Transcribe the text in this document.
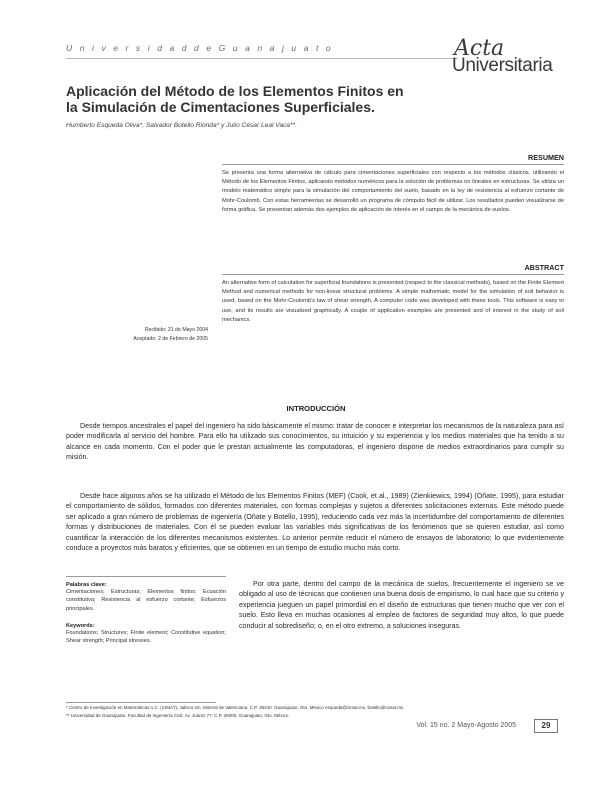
U n i v e r s i d a d d e G u a n a j u a t o	Acta
Universitaria
Aplicación del Método de los Elementos Finitos en
la Simulación de Cimentaciones Superficiales.
Humberto Esqueda Oliva*, Salvador Botello Rionda* y Julio César Leal Vaca**.
RESUMEN

Se presenta una forma alternativa de cálculo para cimentaciones superficiales con respecto a los métodos clásicos, utilizando el Método de los Elementos Finitos, aplicando métodos numéricos para la solución de problemas no lineales en estructuras. Se utiliza un modelo matemático simple para la simulación del comportamiento del suelo, basado en la ley de resistencia al esfuerzo cortante de Mohr-Coulomb. Con estas herramientas se desarrolló un programa de cómputo fácil de utilizar. Los resultados pueden visualizarse de forma gráfica. Se presentan además dos ejemplos de aplicación de interés en el campo de la mecánica de suelos.

ABSTRACT

An alternative form of calculation for superficial foundations is presented (respect to the classical methods), based on the Finite Element Method and numerical methods for non-linear structural problems. A simple mathematic model for the simulation of soil behavior is used, based on the Mohr-Coulomb's law of shear strength. A computer code was developed with these tools. This software is easy to use, and its results are visualized graphically. A couple of application examples are presented and of interest in the study of soil mechanics.

Recibido: 21 de Mayo 2004
Aceptado: 2 de Febrero de 2005
INTRODUCCIÓN

Desde tiempos ancestrales el papel del ingeniero ha sido básicamente el mismo: tratar de conocer e interpretar los mecanismos de la naturaleza para así poder modificarla al servicio del hombre. Para ello ha utilizado sus conocimientos, su intuición y su experiencia y los medios materiales que ha tenido a su alcance en cada momento. Con el poder que le prestan actualmente las computadoras, el ingeniero dispone de medios extraordinarios para cumplir su misión.

Desde hace algunos años se ha utilizado el Método de los Elementos Finitos (MEF) (Cook, et al., 1989) (Zienkiewics, 1994) (Oñate, 1995), para estudiar el comportamiento de sólidos, formados con diferentes materiales, con formas complejas y sujetos a diferentes solicitaciones externas. Este método puede ser aplicado a gran número de problemas de ingeniería (Oñate y Botello, 1995), reduciendo cada vez más la incertidumbre del comportamiento de diferentes formas y distribuciones de materiales. Con él se pueden evaluar las variables más significativas de los fenómenos que se quieren estudiar, así como cuantificar la interacción de los diferentes mecanismos existentes. Lo anterior permite reducir el número de ensayos de laboratorio; lo que evidentemente conduce a proyectos más baratos y eficientes, que se obtienen en un tiempo de estudio mucho más corto.

Por otra parte, dentro del campo de la mecánica de suelos, frecuentemente el ingeniero se ve obligado al uso de técnicas que contienen una buena dosis de empirismo, lo cual hace que su criterio y experiencia jueguen un papel primordial en el diseño de estructuras que tienen mucho que ver con el suelo. Esto lleva en muchas ocasiones al empleo de factores de seguridad muy altos, lo que puede conducir al sobrediseño; o, en el otro extremo, a soluciones inseguras.

Palabras clave:

Cimentaciones; Estructuras; Elementos finitos; Ecuación constitutiva; Resistencia al esfuerzo cortante; Esfuerzos principales.

Keywords:

Foundations; Structures; Finite element; Constitutive equation; Shear strength; Principal stresses.

* Centro de Investigación en Matemáticas A.C. (CIMAT), Jalisco s/n, Mineral de Valenciana. C.P. 36240. Guanajuato, Gto. México esqueda@cimat.mx, botello@cimat.mx
** Universidad de Guanajuato. Facultad de Ingeniería Civil. Av. Juárez 77. C.P. 36000. Guanajuato, Gto. México.
Vol. 15 no. 2 Mayo-Agosto 2005	29
